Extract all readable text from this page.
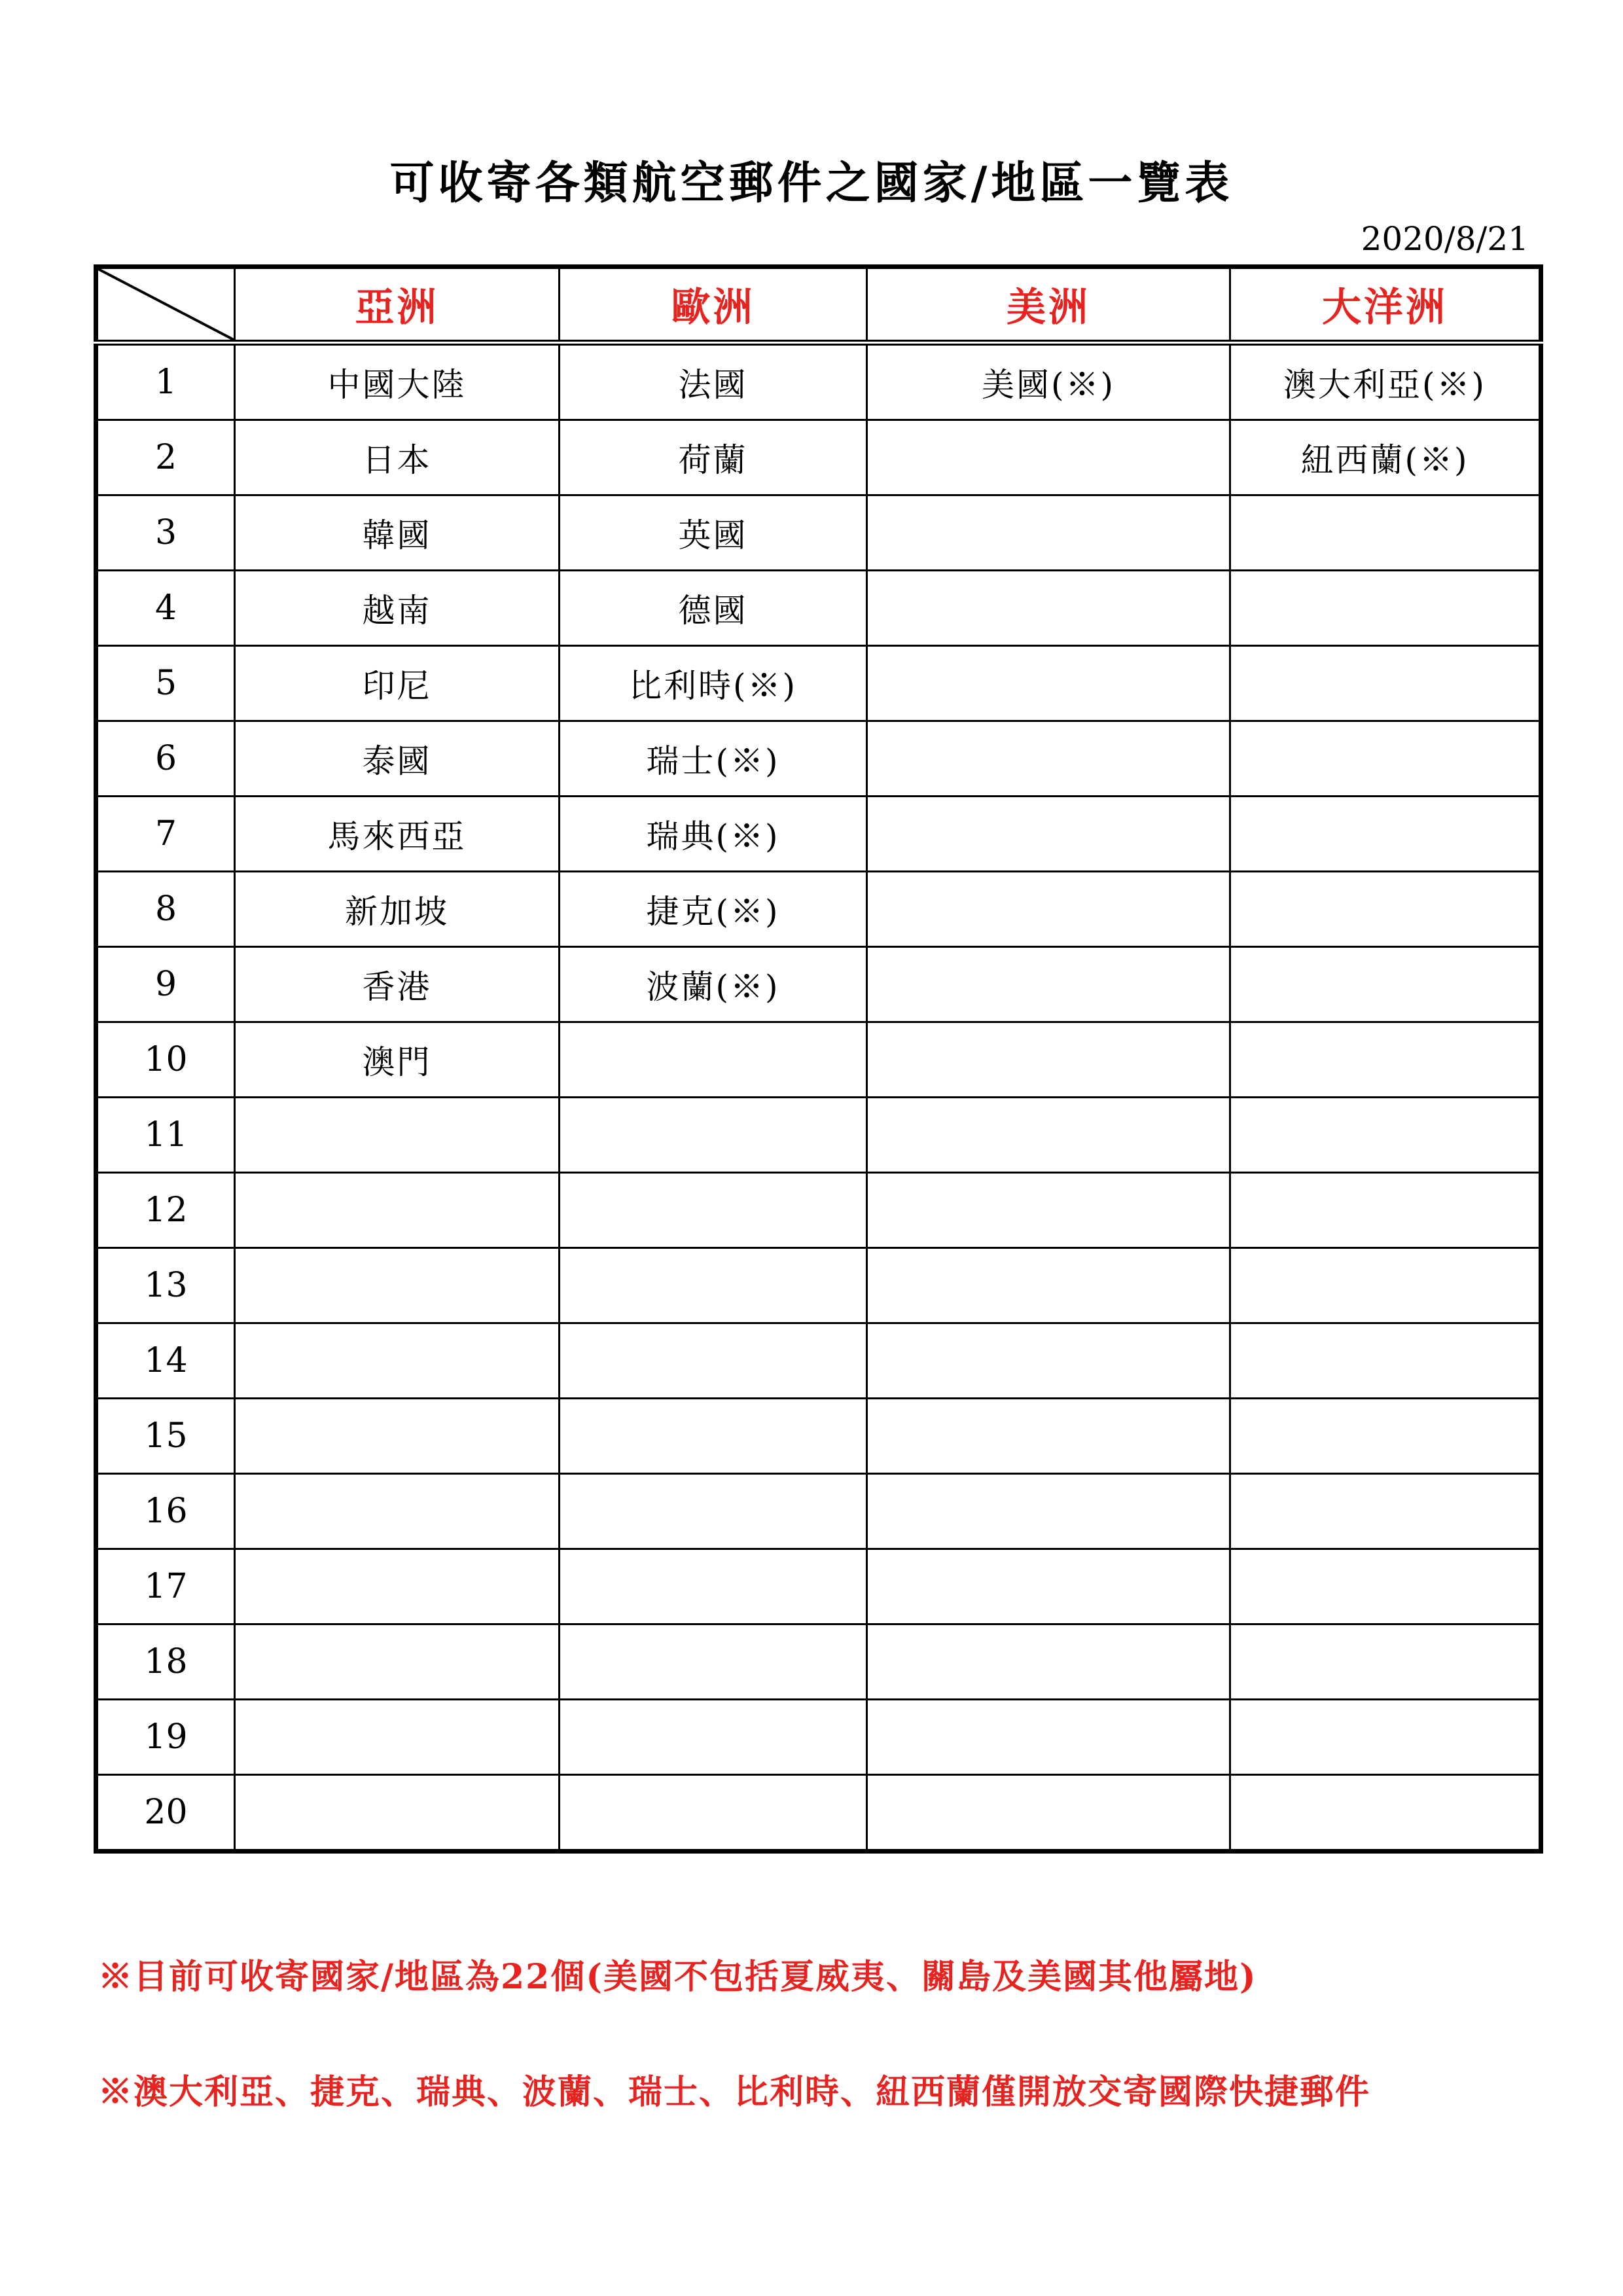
可收寄各類航空郵件之國家/地區一覽表
2020/8/21
	亞洲	歐洲	美洲	大洋洲
1	中國大陸	法國	美國(※)	澳大利亞(※)
2	日本	荷蘭		紐西蘭(※)
3	韓國	英國		
4	越南	德國		
5	印尼	比利時(※)		
6	泰國	瑞士(※)		
7	馬來西亞	瑞典(※)		
8	新加坡	捷克(※)		
9	香港	波蘭(※)		
10	澳門			
11				
12				
13				
14				
15				
16				
17				
18				
19				
20				
※目前可收寄國家/地區為22個(美國不包括夏威夷、關島及美國其他屬地)
※澳大利亞、捷克、瑞典、波蘭、瑞士、比利時、紐西蘭僅開放交寄國際快捷郵件
